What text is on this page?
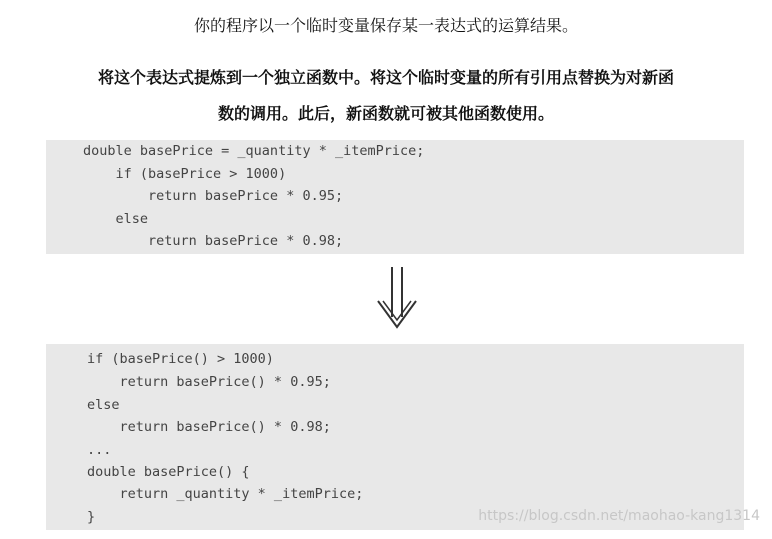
你的程序以一个临时变量保存某一表达式的运算结果。
将这个表达式提炼到一个独立函数中。将这个临时变量的所有引用点替换为对新函
数的调用。此后，新函数就可被其他函数使用。

double basePrice = _quantity * _itemPrice;

if (basePrice > 1000)

return basePrice * 0.95;

else

return basePrice * 0.98;

if (basePrice() > 1000)

return basePrice() * 0.95;

else

return basePrice() * 0.98;

...

double basePrice() {

return _quantity * _itemPrice;

}	https://blog.csdn.net/maohao-kang1314
